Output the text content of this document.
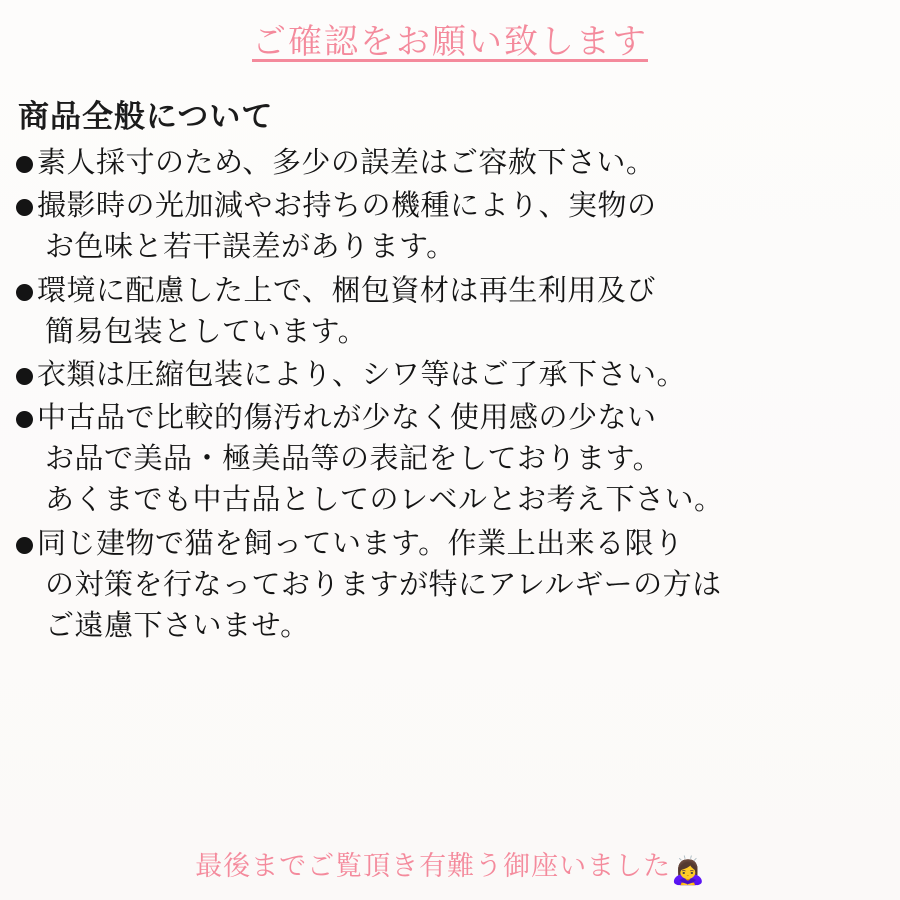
ご確認をお願い致します
商品全般について
素人採寸のため、多少の誤差はご容赦下さい。
撮影時の光加減やお持ちの機種により、実物の
お色味と若干誤差があります。
環境に配慮した上で、梱包資材は再生利用及び
簡易包装としています。
衣類は圧縮包装により、シワ等はご了承下さい。
中古品で比較的傷汚れが少なく使用感の少ない
お品で美品・極美品等の表記をしております。
あくまでも中古品としてのレベルとお考え下さい。
同じ建物で猫を飼っています。作業上出来る限り
の対策を行なっておりますが特にアレルギーの方は
ご遠慮下さいませ。
最後までご覧頂き有難う御座いました🙇‍♀️
